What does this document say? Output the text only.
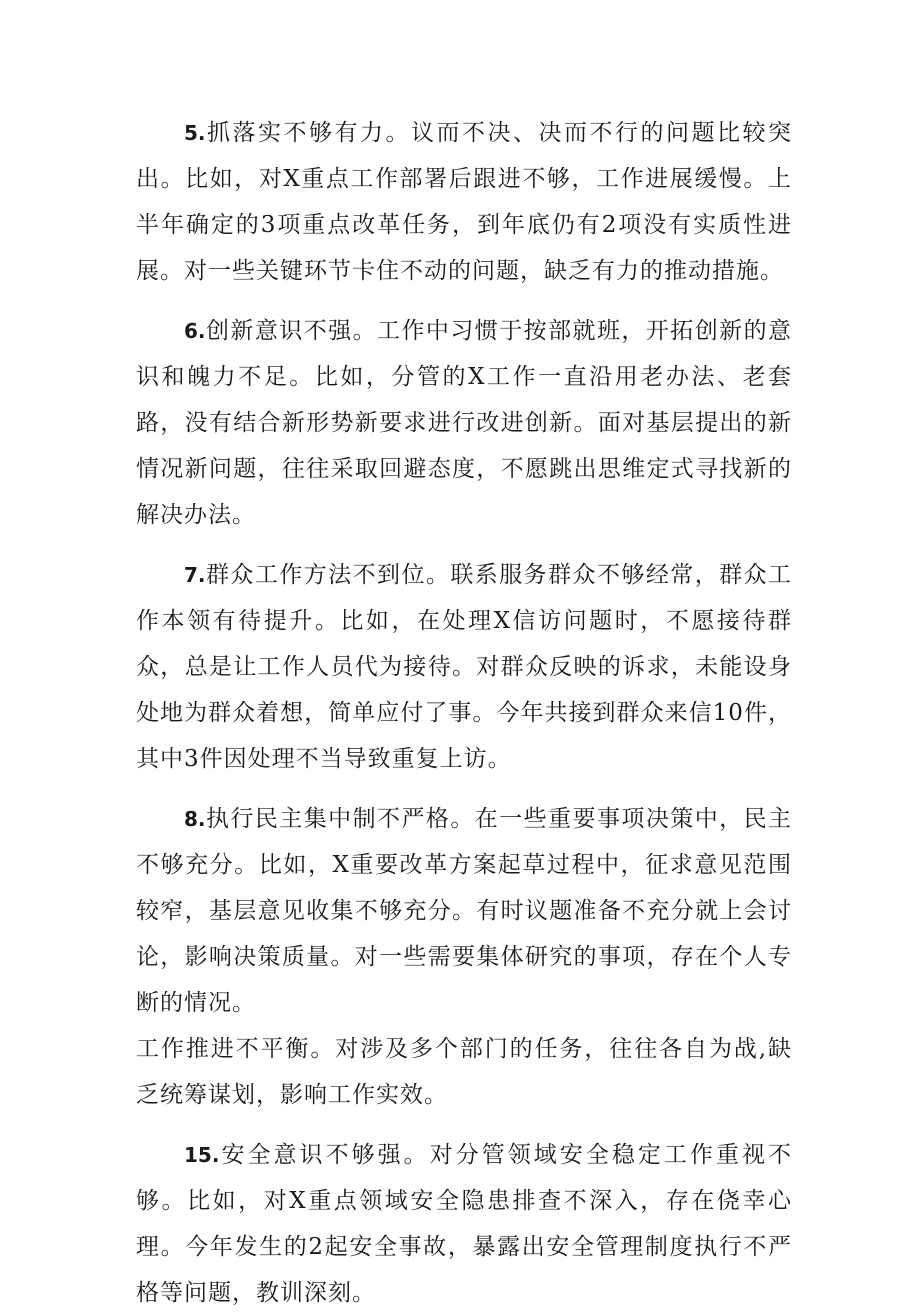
5.抓落实不够有力。议而不决、决而不行的问题比较突出。比如，对X重点工作部署后跟进不够，工作进展缓慢。上半年确定的3项重点改革任务，到年底仍有2项没有实质性进展。对一些关键环节卡住不动的问题，缺乏有力的推动措施。

6.创新意识不强。工作中习惯于按部就班，开拓创新的意识和魄力不足。比如，分管的X工作一直沿用老办法、老套路，没有结合新形势新要求进行改进创新。面对基层提出的新情况新问题，往往采取回避态度，不愿跳出思维定式寻找新的解决办法。

7.群众工作方法不到位。联系服务群众不够经常，群众工作本领有待提升。比如，在处理X信访问题时，不愿接待群众，总是让工作人员代为接待。对群众反映的诉求，未能设身处地为群众着想，简单应付了事。今年共接到群众来信10件，其中3件因处理不当导致重复上访。

8.执行民主集中制不严格。在一些重要事项决策中，民主不够充分。比如，X重要改革方案起草过程中，征求意见范围较窄，基层意见收集不够充分。有时议题准备不充分就上会讨论，影响决策质量。对一些需要集体研究的事项，存在个人专断的情况。

工作推进不平衡。对涉及多个部门的任务，往往各自为战,缺乏统筹谋划，影响工作实效。

15.安全意识不够强。对分管领域安全稳定工作重视不够。比如，对X重点领域安全隐患排查不深入，存在侥幸心理。今年发生的2起安全事故，暴露出安全管理制度执行不严格等问题，教训深刻。
